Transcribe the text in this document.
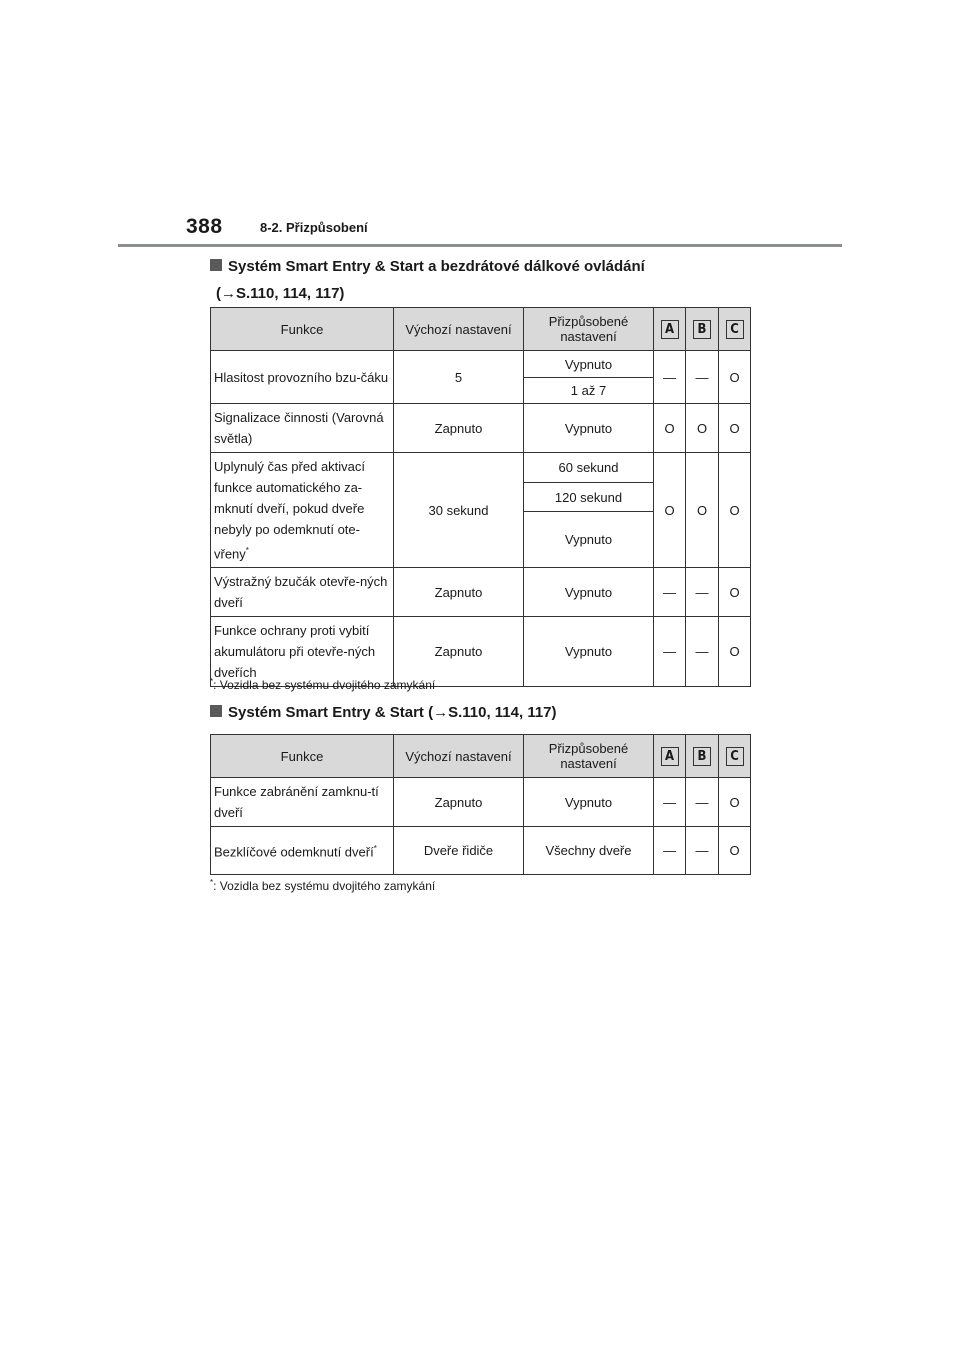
388	8-2. Přizpůsobení
Systém Smart Entry & Start a bezdrátové dálkové ovládání
(→S.110, 114, 117)
Funkce	Výchozí nastavení	Přizpůsobené nastavení	A	B	C
Hlasitost provozního bzu-čáku	5	Vypnuto	—	—	O
		1 až 7			
Signalizace činnosti (Varovná světla)	Zapnuto	Vypnuto	O	O	O
Uplynulý čas před aktivací funkce automatického za-mknutí dveří, pokud dveře nebyly po odemknutí ote-vřeny*	30 sekund	60 sekund	O	O	O
		120 sekund			
		Vypnuto			
Výstražný bzučák otevře-ných dveří	Zapnuto	Vypnuto	—	—	O
Funkce ochrany proti vybití akumulátoru při otevře-ných dveřích	Zapnuto	Vypnuto	—	—	O
*: Vozidla bez systému dvojitého zamykání
Systém Smart Entry & Start (→S.110, 114, 117)
Funkce	Výchozí nastavení	Přizpůsobené nastavení	A	B	C
Funkce zabránění zamknu-tí dveří	Zapnuto	Vypnuto	—	—	O
Bezklíčové odemknutí dveří*	Dveře řidiče	Všechny dveře	—	—	O
*: Vozidla bez systému dvojitého zamykání
